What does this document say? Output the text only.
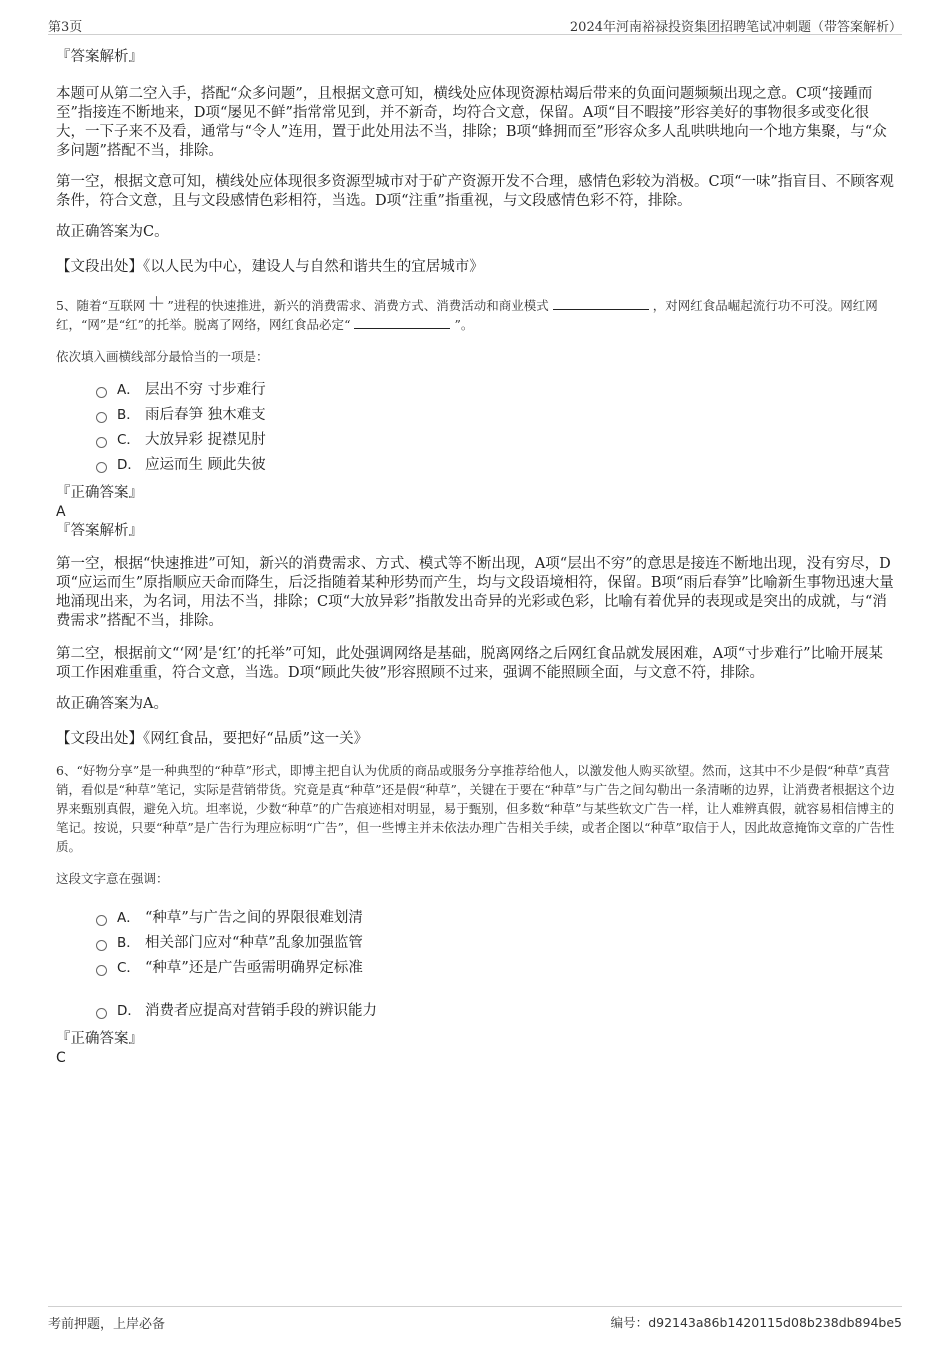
第3页	2024年河南裕禄投资集团招聘笔试冲刺题（带答案解析）
『答案解析』

本题可从第二空入手，搭配“众多问题”，且根据文意可知，横线处应体现资源枯竭后带来的负面问题频频出现之意。C项“接踵而至”指接连不断地来，D项“屡见不鲜”指常常见到，并不新奇，均符合文意，保留。A项“目不暇接”形容美好的事物很多或变化很大，一下子来不及看，通常与“令人”连用，置于此处用法不当，排除；B项“蜂拥而至”形容众多人乱哄哄地向一个地方集聚，与“众多问题”搭配不当，排除。

第一空，根据文意可知，横线处应体现很多资源型城市对于矿产资源开发不合理，感情色彩较为消极。C项“一味”指盲目、不顾客观条件，符合文意，且与文段感情色彩相符，当选。D项“注重”指重视，与文段感情色彩不符，排除。

故正确答案为C。

【文段出处】《以人民为中心，建设人与自然和谐共生的宜居城市》

5、随着“互联网 ＋ ”进程的快速推进，新兴的消费需求、消费方式、消费活动和商业模式	，对网红食品崛起流行功不可没。网红网红，“网”是“红”的托举。脱离了网络，网红食品必定“	”。

依次填入画横线部分最恰当的一项是：

A． 层出不穷 寸步难行
B． 雨后春笋 独木难支
C． 大放异彩 捉襟见肘
D． 应运而生 顾此失彼
『正确答案』
A
『答案解析』

第一空，根据“快速推进”可知，新兴的消费需求、方式、模式等不断出现，A项“层出不穷”的意思是接连不断地出现，没有穷尽，D项“应运而生”原指顺应天命而降生，后泛指随着某种形势而产生，均与文段语境相符，保留。B项“雨后春笋”比喻新生事物迅速大量地涌现出来，为名词，用法不当，排除；C项“大放异彩”指散发出奇异的光彩或色彩，比喻有着优异的表现或是突出的成就，与“消费需求”搭配不当，排除。

第二空，根据前文“‘网’是‘红’的托举”可知，此处强调网络是基础，脱离网络之后网红食品就发展困难，A项“寸步难行”比喻开展某项工作困难重重，符合文意，当选。D项“顾此失彼”形容照顾不过来，强调不能照顾全面，与文意不符，排除。

故正确答案为A。

【文段出处】《网红食品，要把好“品质”这一关》

6、“好物分享”是一种典型的“种草”形式，即博主把自认为优质的商品或服务分享推荐给他人，以激发他人购买欲望。然而，这其中不少是假“种草”真营销，看似是“种草”笔记，实际是营销带货。究竟是真“种草”还是假“种草”，关键在于要在“种草”与广告之间勾勒出一条清晰的边界，让消费者根据这个边界来甄别真假，避免入坑。坦率说，少数“种草”的广告痕迹相对明显，易于甄别，但多数“种草”与某些软文广告一样，让人难辨真假，就容易相信博主的笔记。按说，只要“种草”是广告行为理应标明“广告”，但一些博主并未依法办理广告相关手续，或者企图以“种草”取信于人，因此故意掩饰文章的广告性质。

这段文字意在强调：

A． “种草”与广告之间的界限很难划清
B． 相关部门应对“种草”乱象加强监管
C． “种草”还是广告亟需明确界定标准
D． 消费者应提高对营销手段的辨识能力
『正确答案』
C
考前押题，上岸必备	编号：d92143a86b1420115d08b238db894be5
